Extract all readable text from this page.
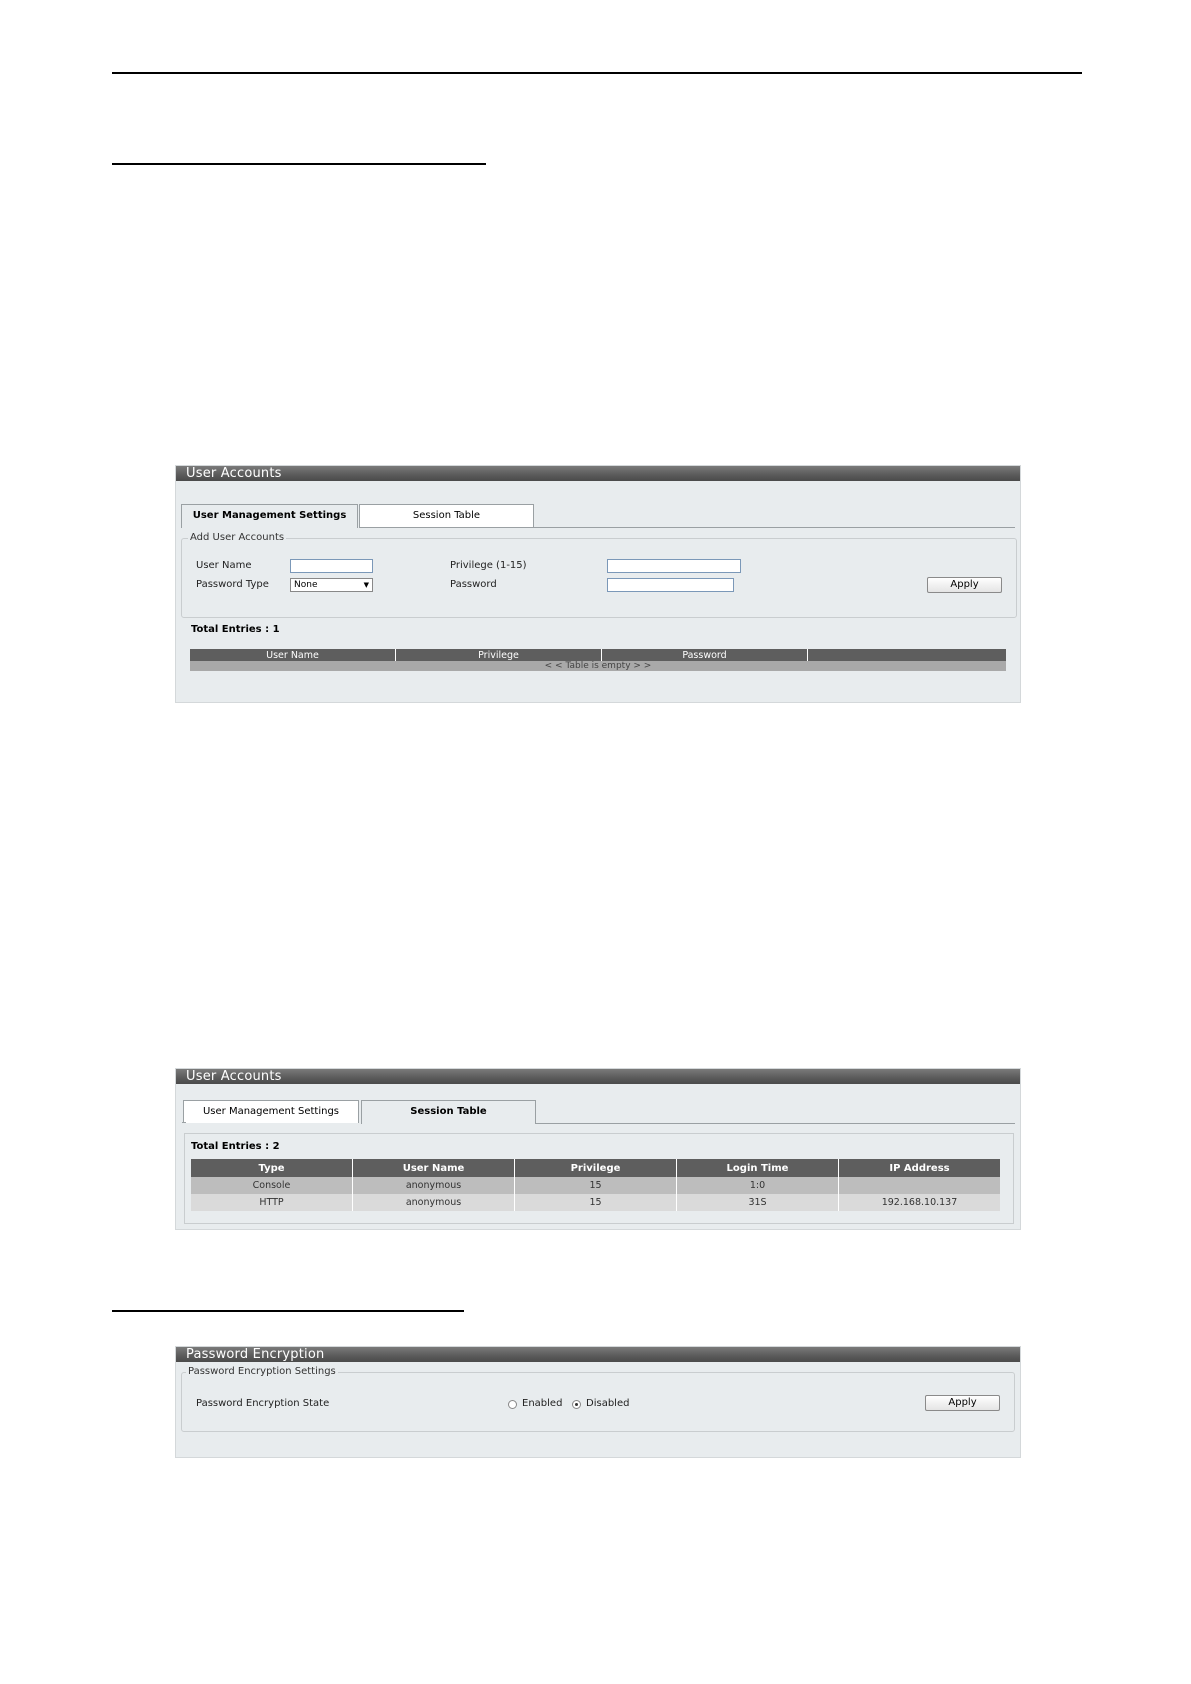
User Accounts
User Management Settings	Session Table
Add User Accounts
User Name	Privilege (1-15)
Password Type	None	▼	Password	Apply
Total Entries : 1
User Name	Privilege	Password	
< < Table is empty > >
User Accounts
User Management Settings	Session Table
Total Entries : 2
Type	User Name	Privilege	Login Time	IP Address
Console	anonymous	15	1:0	
HTTP	anonymous	15	31S	192.168.10.137
Password Encryption
Password Encryption Settings
Password Encryption State	Enabled Disabled	Apply
